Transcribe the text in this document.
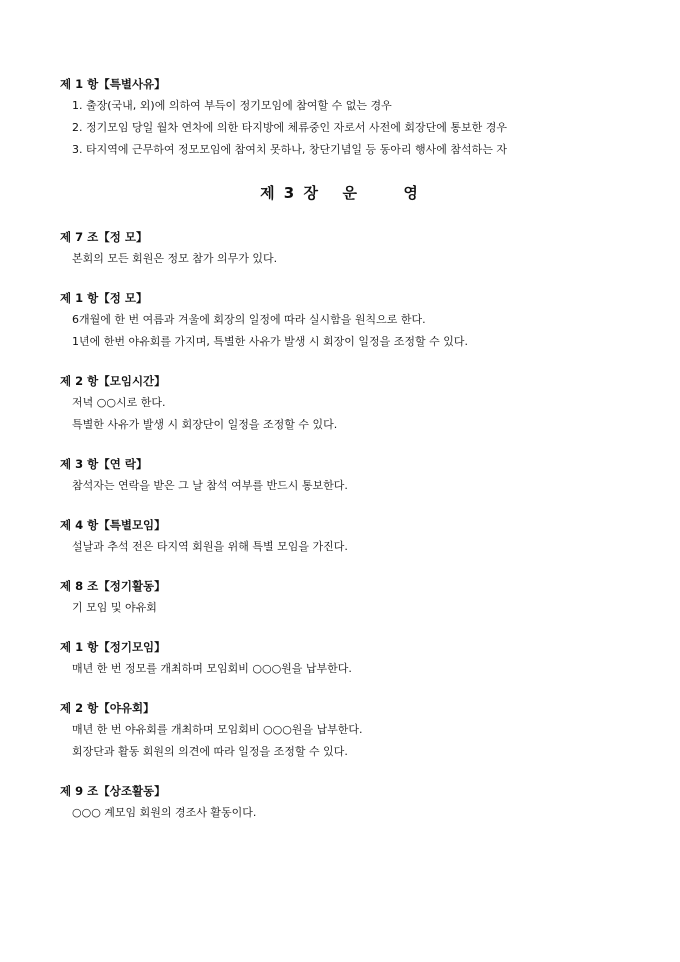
제 1 항【특별사유】
1. 출장(국내, 외)에 의하여 부득이 정기모임에 참여할 수 없는 경우
2. 정기모임 당일 월차 연차에 의한 타지방에 체류중인 자로서 사전에 회장단에 통보한 경우
3. 타지역에 근무하여 정모모임에 참여치 못하나, 창단기념일 등 동아리 행사에 참석하는 자
제 3 장 운	영
제 7 조【정 모】
본회의 모든 회원은 정모 참가 의무가 있다.
제 1 항【정 모】
6개월에 한 번 여름과 겨울에 회장의 일정에 따라 실시함을 원칙으로 한다.
1년에 한번 야유회를 가지며, 특별한 사유가 발생 시 회장이 일정을 조정할 수 있다.
제 2 항【모임시간】
저녁 ○○시로 한다.
특별한 사유가 발생 시 회장단이 일정을 조정할 수 있다.
제 3 항【연 락】
참석자는 연락을 받은 그 날 참석 여부를 반드시 통보한다.
제 4 항【특별모임】
설날과 추석 전은 타지역 회원을 위해 특별 모임을 가진다.
제 8 조【정기활동】
기 모임 및 야유회
제 1 항【정기모임】
매년 한 번 정모를 개최하며 모임회비 ○○○원을 납부한다.
제 2 항【야유회】
매년 한 번 야유회를 개최하며 모임회비 ○○○원을 납부한다.
회장단과 활동 회원의 의견에 따라 일정을 조정할 수 있다.
제 9 조【상조활동】
○○○ 계모임 회원의 경조사 활동이다.
